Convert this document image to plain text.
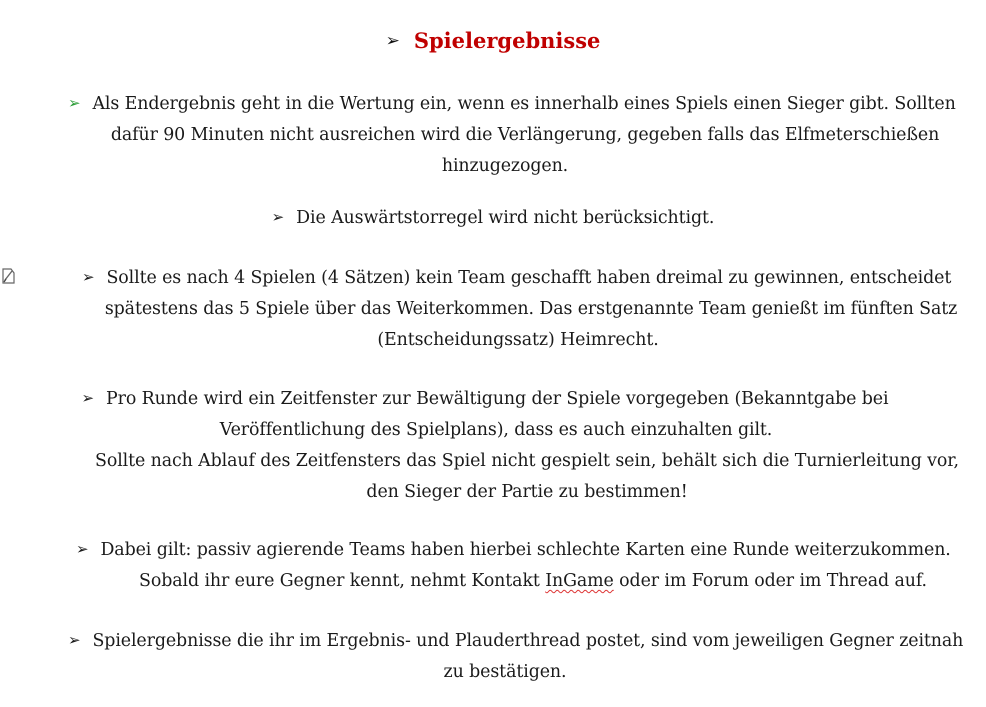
➢ Spielergebnisse
➢ Als Endergebnis geht in die Wertung ein, wenn es innerhalb eines Spiels einen Sieger gibt. Sollten
dafür 90 Minuten nicht ausreichen wird die Verlängerung, gegeben falls das Elfmeterschießen
hinzugezogen.
➢ Die Auswärtstorregel wird nicht berücksichtigt.
➢ Sollte es nach 4 Spielen (4 Sätzen) kein Team geschafft haben dreimal zu gewinnen, entscheidet
spätestens das 5 Spiele über das Weiterkommen. Das erstgenannte Team genießt im fünften Satz
(Entscheidungssatz) Heimrecht.
➢ Pro Runde wird ein Zeitfenster zur Bewältigung der Spiele vorgegeben (Bekanntgabe bei
Veröffentlichung des Spielplans), dass es auch einzuhalten gilt.
Sollte nach Ablauf des Zeitfensters das Spiel nicht gespielt sein, behält sich die Turnierleitung vor,
den Sieger der Partie zu bestimmen!
➢ Dabei gilt: passiv agierende Teams haben hierbei schlechte Karten eine Runde weiterzukommen.
Sobald ihr eure Gegner kennt, nehmt Kontakt InGame oder im Forum oder im Thread auf.
➢ Spielergebnisse die ihr im Ergebnis- und Plauderthread postet, sind vom jeweiligen Gegner zeitnah
zu bestätigen.
